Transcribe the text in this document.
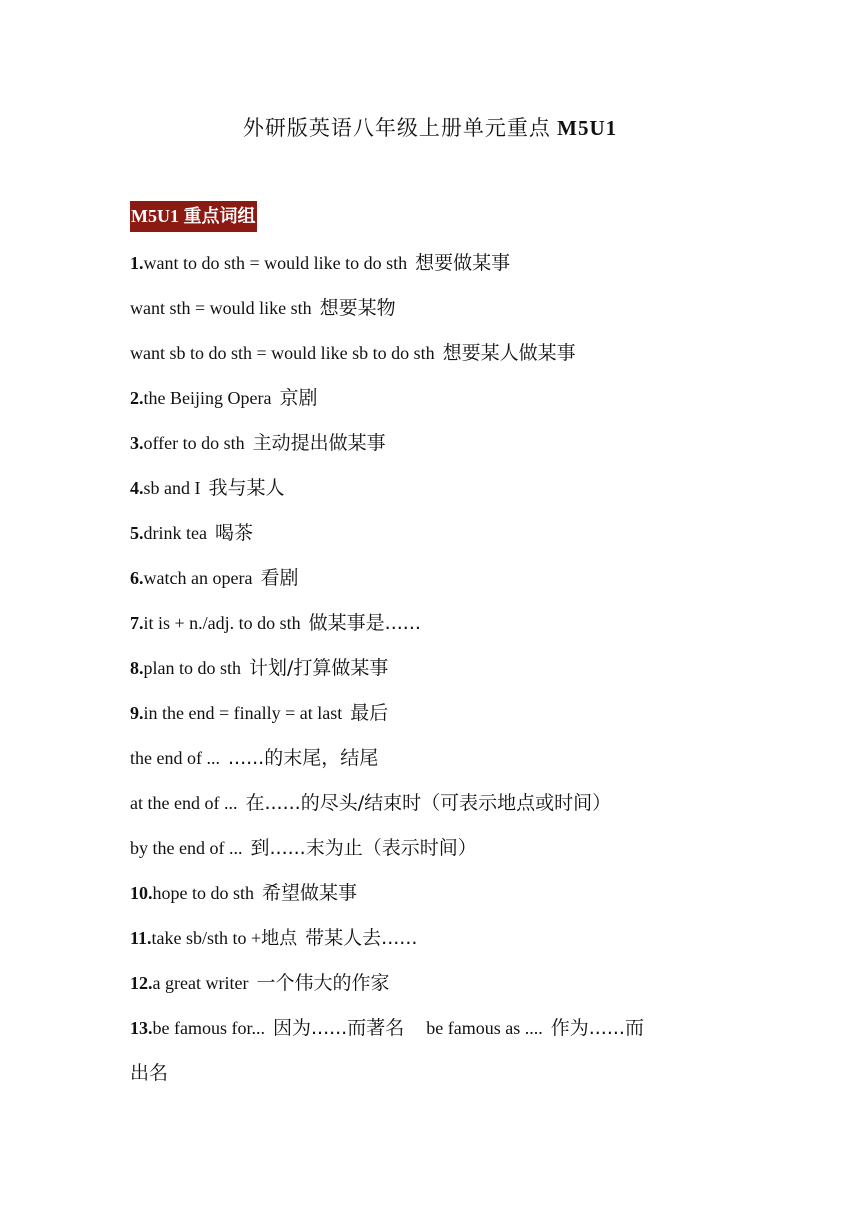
外研版英语八年级上册单元重点 M5U1
M5U1 重点词组
1.want to do sth = would like to do sth 想要做某事
want sth = would like sth 想要某物
want sb to do sth = would like sb to do sth 想要某人做某事
2.the Beijing Opera 京剧
3.offer to do sth 主动提出做某事
4.sb and I 我与某人
5.drink tea 喝茶
6.watch an opera 看剧
7.it is + n./adj. to do sth 做某事是......
8.plan to do sth 计划/打算做某事
9.in the end = finally = at last 最后
the end of ... ......的末尾，结尾
at the end of ... 在......的尽头/结束时（可表示地点或时间）
by the end of ... 到......末为止（表示时间）
10.hope to do sth 希望做某事
11.take sb/sth to +地点 带某人去......
12.a great writer 一个伟大的作家
13.be famous for... 因为......而著名 be famous as .... 作为......而
出名
